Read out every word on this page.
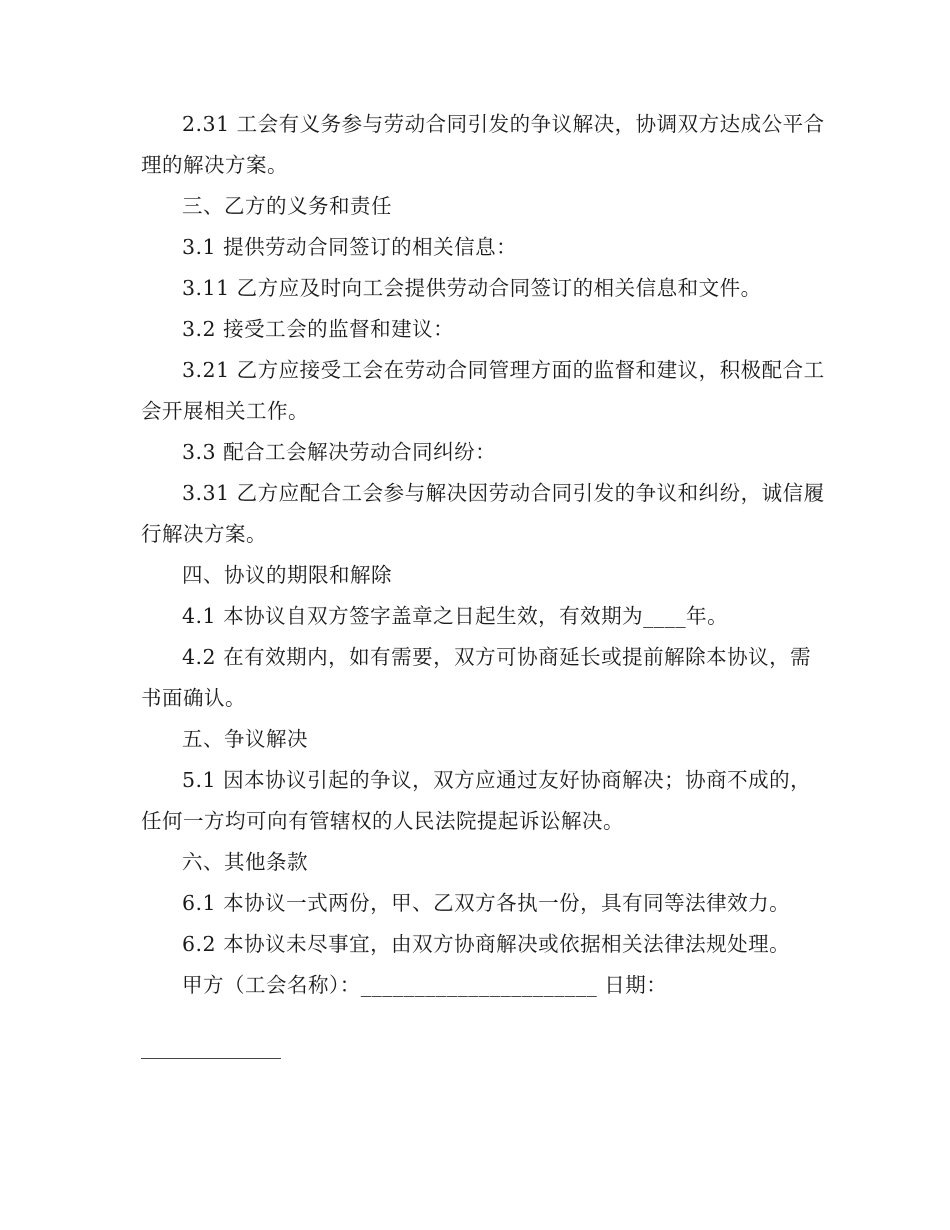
2.31 工会有义务参与劳动合同引发的争议解决，协调双方达成公平合理的解决方案。

三、乙方的义务和责任

3.1 提供劳动合同签订的相关信息：

3.11 乙方应及时向工会提供劳动合同签订的相关信息和文件。

3.2 接受工会的监督和建议：

3.21 乙方应接受工会在劳动合同管理方面的监督和建议，积极配合工会开展相关工作。

3.3 配合工会解决劳动合同纠纷：

3.31 乙方应配合工会参与解决因劳动合同引发的争议和纠纷，诚信履行解决方案。

四、协议的期限和解除

4.1 本协议自双方签字盖章之日起生效，有效期为____年。

4.2 在有效期内，如有需要，双方可协商延长或提前解除本协议，需书面确认。

五、争议解决

5.1 因本协议引起的争议，双方应通过友好协商解决；协商不成的，任何一方均可向有管辖权的人民法院提起诉讼解决。

六、其他条款

6.1 本协议一式两份，甲、乙双方各执一份，具有同等法律效力。

6.2 本协议未尽事宜，由双方协商解决或依据相关法律法规处理。

甲方（工会名称）：______________________ 日期：
